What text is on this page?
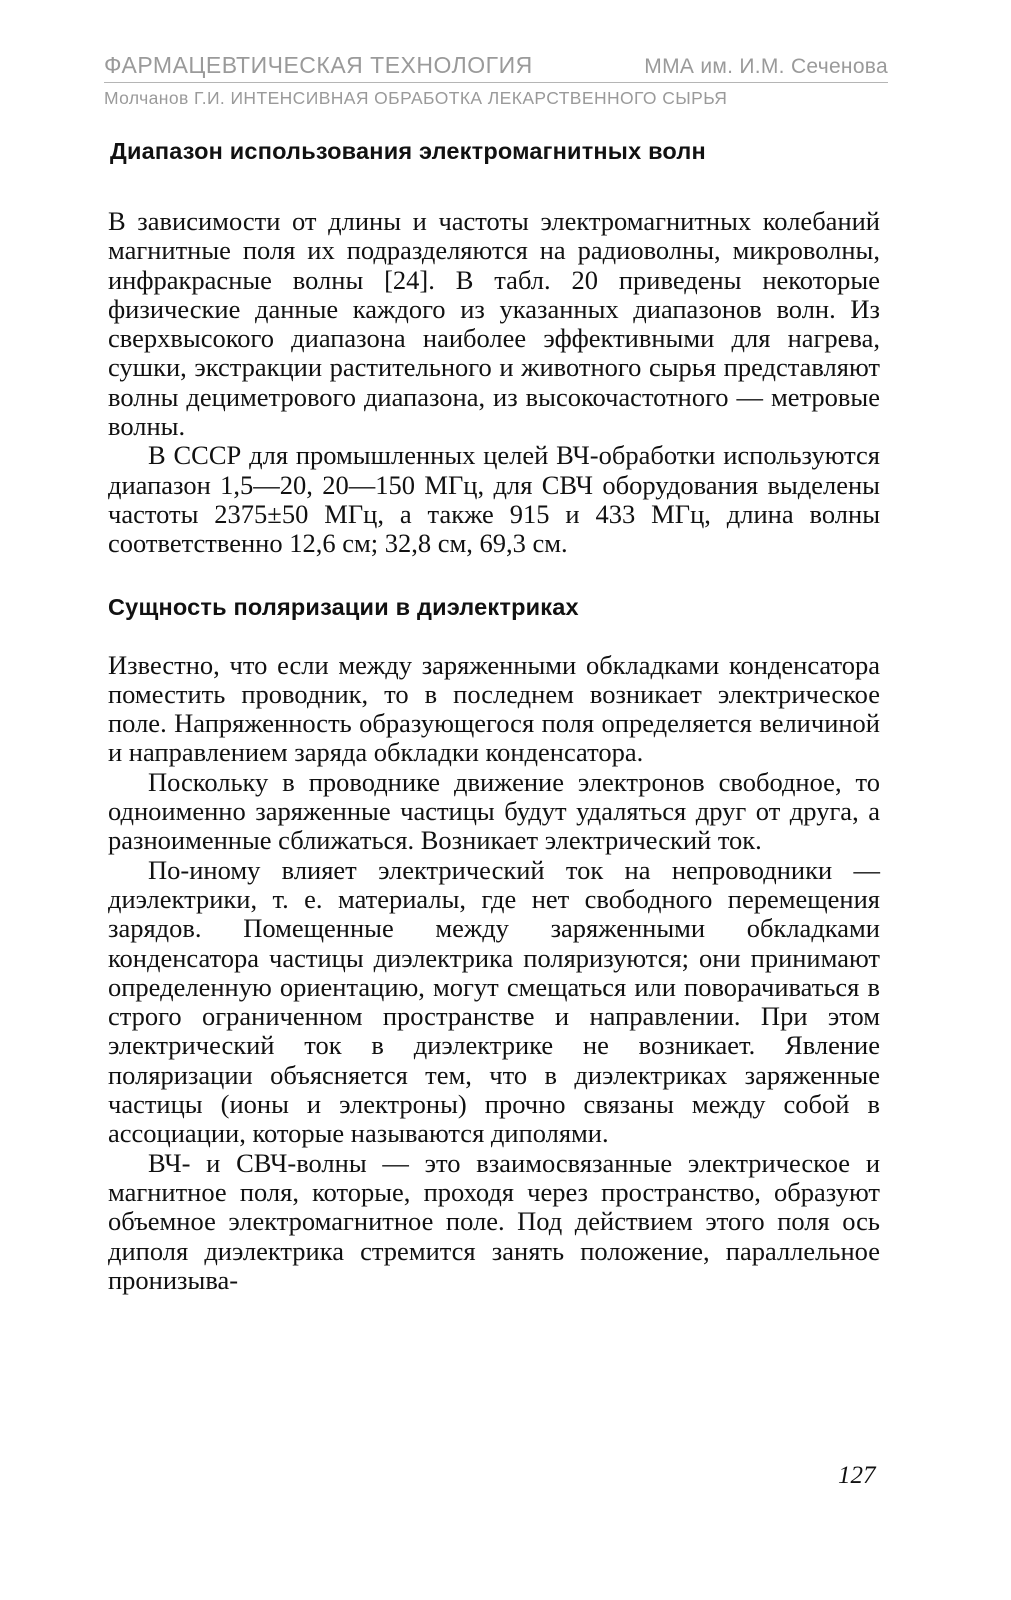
ФАРМАЦЕВТИЧЕСКАЯ ТЕХНОЛОГИЯ	ММА им. И.М. Сеченова
Молчанов Г.И. ИНТЕНСИВНАЯ ОБРАБОТКА ЛЕКАРСТВЕННОГО СЫРЬЯ
Диапазон использования электромагнитных волн

В зависимости от длины и частоты электромагнитных колебаний магнитные поля их подразделяются на радиоволны, микроволны, инфракрасные волны [24]. В табл. 20 приведены некоторые физические данные каждого из указанных диапазонов волн. Из сверхвысокого диапазона наиболее эффективными для нагрева, сушки, экстракции растительного и животного сырья представляют волны дециметрового диапазона, из высокочастотного — метровые волны.

В СССР для промышленных целей ВЧ-обработки используются диапазон 1,5—20, 20—150 МГц, для СВЧ оборудования выделены частоты 2375±50 МГц, а также 915 и 433 МГц, длина волны соответственно 12,6 см; 32,8 см, 69,3 см.

Сущность поляризации в диэлектриках

Известно, что если между заряженными обкладками конденсатора поместить проводник, то в последнем возникает электрическое поле. Напряженность образующегося поля определяется величиной и направлением заряда обкладки конденсатора.

Поскольку в проводнике движение электронов свободное, то одноименно заряженные частицы будут удаляться друг от друга, а разноименные сближаться. Возникает электрический ток.

По-иному влияет электрический ток на непроводники — диэлектрики, т. е. материалы, где нет свободного перемещения зарядов. Помещенные между заряженными обкладками конденсатора частицы диэлектрика поляризуются; они принимают определенную ориентацию, могут смещаться или поворачиваться в строго ограниченном пространстве и направлении. При этом электрический ток в диэлектрике не возникает. Явление поляризации объясняется тем, что в диэлектриках заряженные частицы (ионы и электроны) прочно связаны между собой в ассоциации, которые называются диполями.

ВЧ- и СВЧ-волны — это взаимосвязанные электрическое и магнитное поля, которые, проходя через пространство, образуют объемное электромагнитное поле. Под действием этого поля ось диполя диэлектрика стремится занять положение, параллельное пронизыва-

127
